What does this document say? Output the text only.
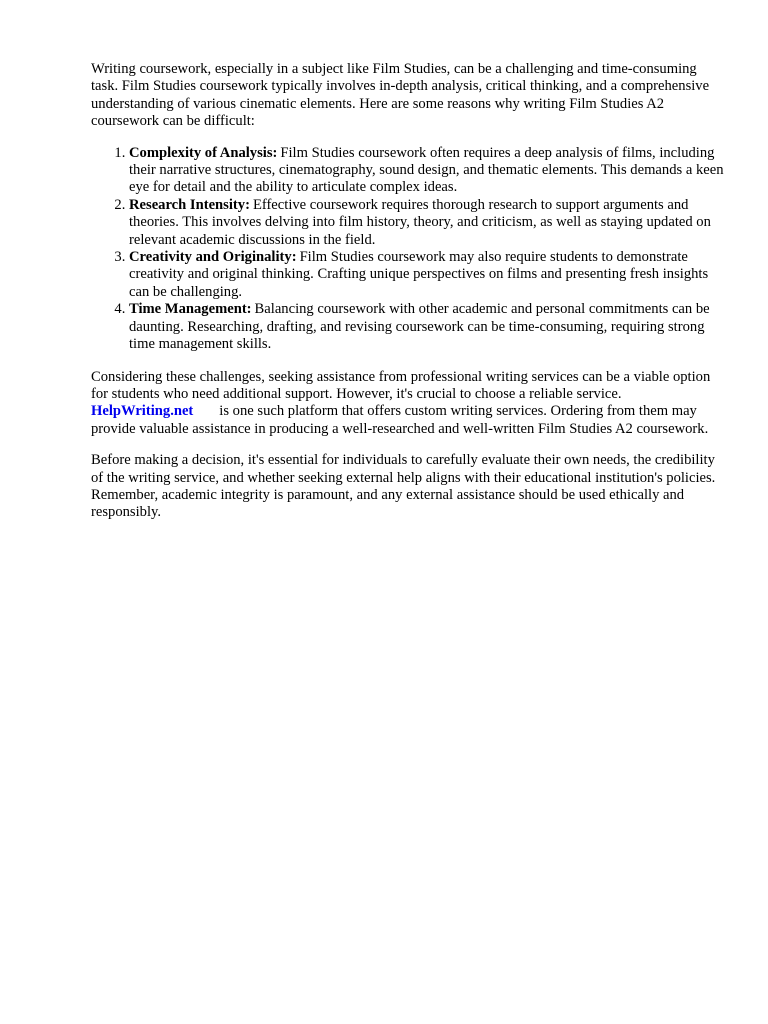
Writing coursework, especially in a subject like Film Studies, can be a challenging and time-consuming task. Film Studies coursework typically involves in-depth analysis, critical thinking, and a comprehensive understanding of various cinematic elements. Here are some reasons why writing Film Studies A2 coursework can be difficult:

1. Complexity of Analysis: Film Studies coursework often requires a deep analysis of films, including their narrative structures, cinematography, sound design, and thematic elements. This demands a keen eye for detail and the ability to articulate complex ideas.
2. Research Intensity: Effective coursework requires thorough research to support arguments and theories. This involves delving into film history, theory, and criticism, as well as staying updated on relevant academic discussions in the field.
3. Creativity and Originality: Film Studies coursework may also require students to demonstrate creativity and original thinking. Crafting unique perspectives on films and presenting fresh insights can be challenging.
4. Time Management: Balancing coursework with other academic and personal commitments can be daunting. Researching, drafting, and revising coursework can be time-consuming, requiring strong time management skills.

Considering these challenges, seeking assistance from professional writing services can be a viable option for students who need additional support. However, it's crucial to choose a reliable service. HelpWriting.net is one such platform that offers custom writing services. Ordering from them may provide valuable assistance in producing a well-researched and well-written Film Studies A2 coursework.

Before making a decision, it's essential for individuals to carefully evaluate their own needs, the credibility of the writing service, and whether seeking external help aligns with their educational institution's policies. Remember, academic integrity is paramount, and any external assistance should be used ethically and responsibly.
